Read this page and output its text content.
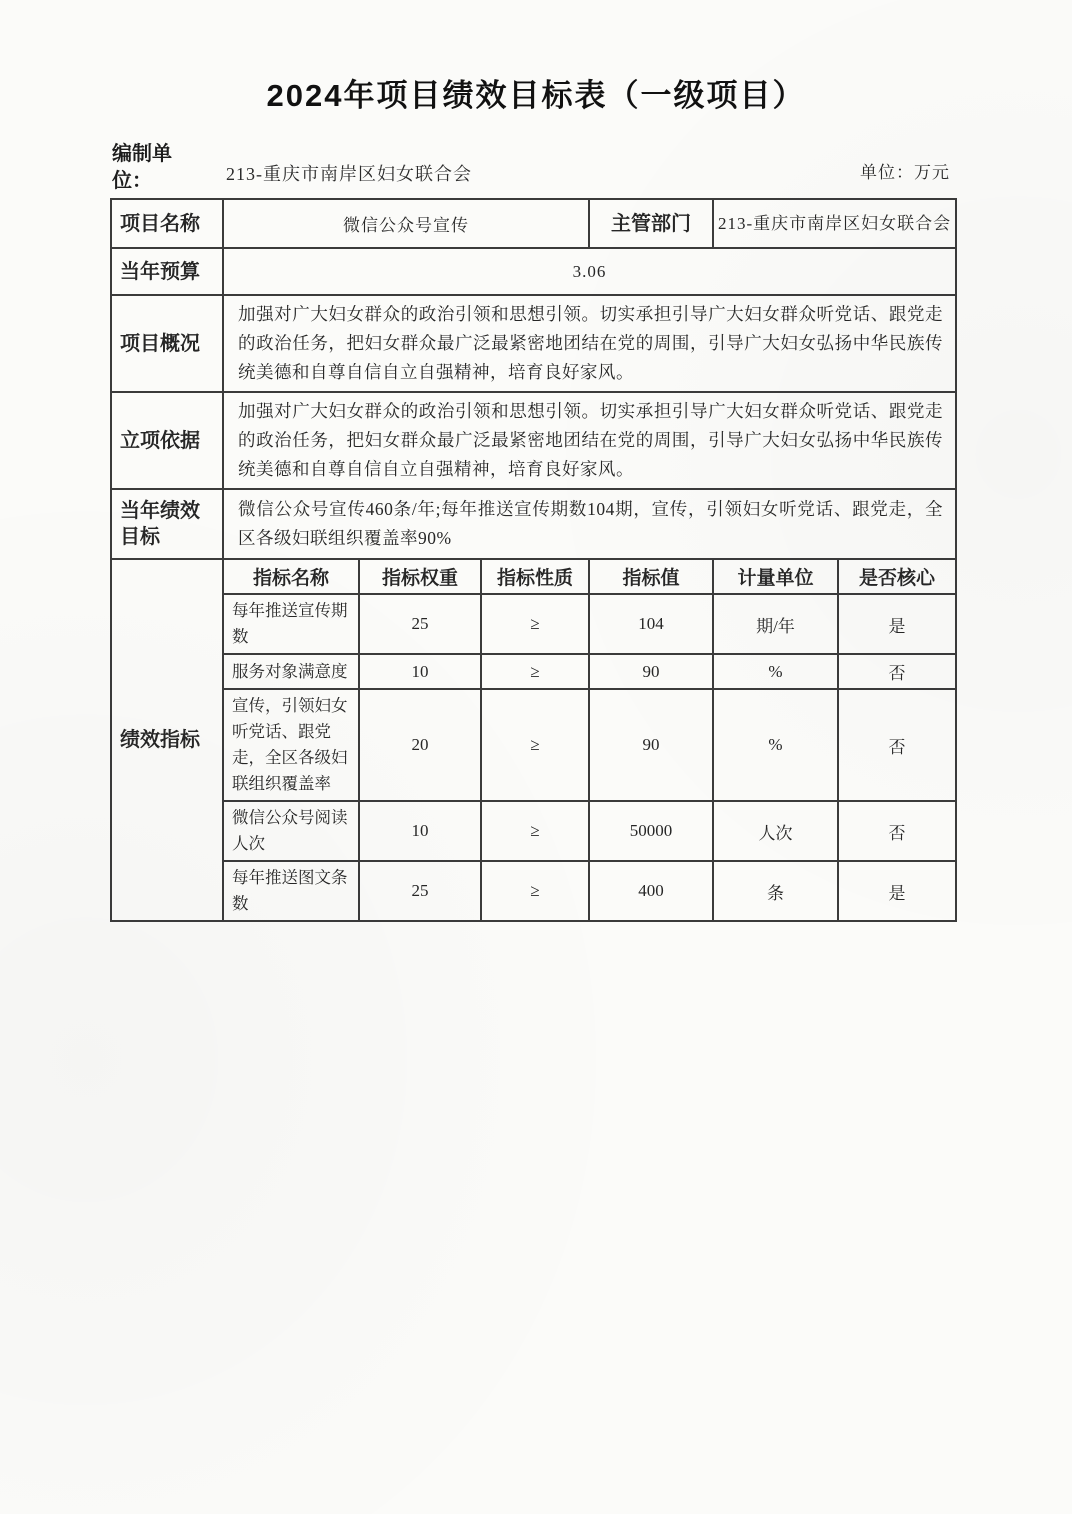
2024年项目绩效目标表（一级项目）
编制单位：	213-重庆市南岸区妇女联合会	单位：万元
项目名称	微信公众号宣传			主管部门	213-重庆市南岸区妇女联合会	
当年预算	3.06					
项目概况	加强对广大妇女群众的政治引领和思想引领。切实承担引导广大妇女群众听党话、跟党走的政治任务，把妇女群众最广泛最紧密地团结在党的周围，引导广大妇女弘扬中华民族传统美德和自尊自信自立自强精神，培育良好家风。					
立项依据	加强对广大妇女群众的政治引领和思想引领。切实承担引导广大妇女群众听党话、跟党走的政治任务，把妇女群众最广泛最紧密地团结在党的周围，引导广大妇女弘扬中华民族传统美德和自尊自信自立自强精神，培育良好家风。					
当年绩效目标	微信公众号宣传460条/年;每年推送宣传期数104期，宣传，引领妇女听党话、跟党走，全区各级妇联组织覆盖率90%					
绩效指标	指标名称	指标权重	指标性质	指标值	计量单位	是否核心
	每年推送宣传期数	25	≥	104	期/年	是
	服务对象满意度	10	≥	90	%	否
	宣传，引领妇女听党话、跟党走，全区各级妇联组织覆盖率	20	≥	90	%	否
	微信公众号阅读人次	10	≥	50000	人次	否
	每年推送图文条数	25	≥	400	条	是
